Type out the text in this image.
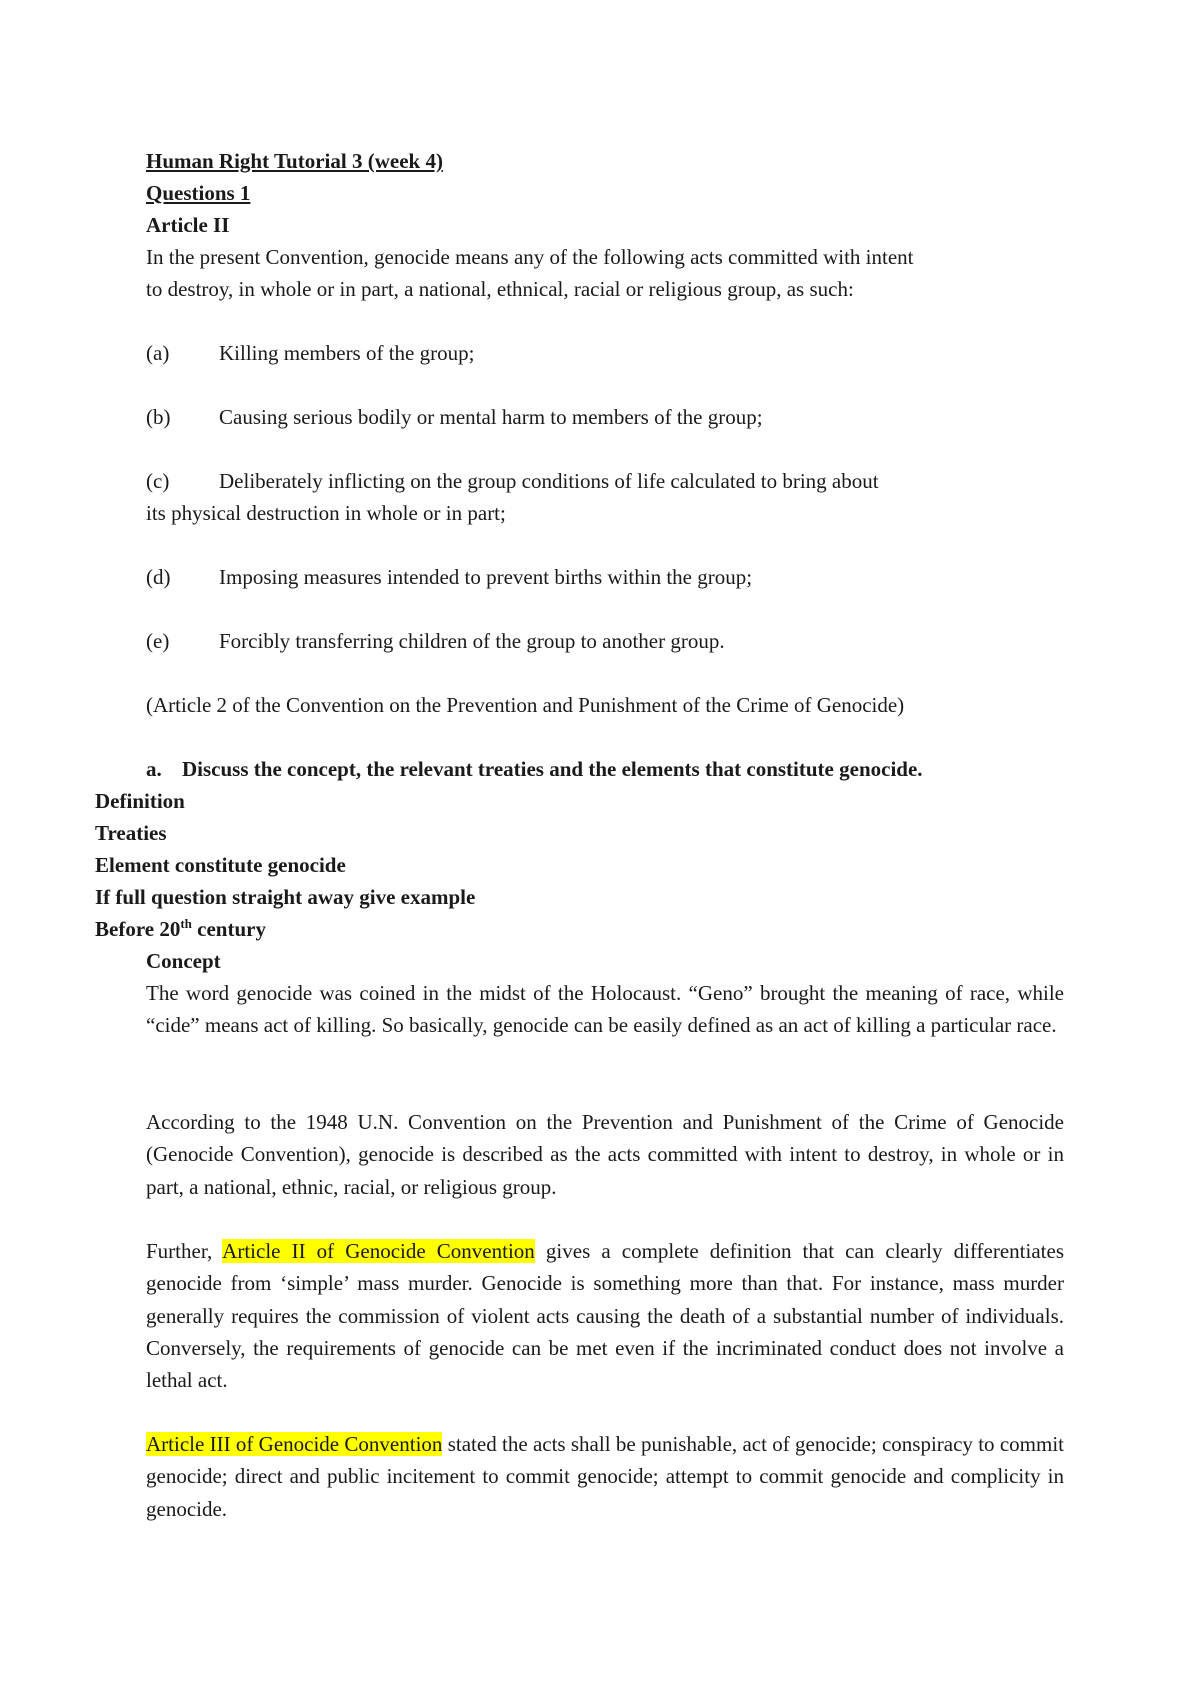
Human Right Tutorial 3 (week 4)
Questions 1
Article II
In the present Convention, genocide means any of the following acts committed with intent
to destroy, in whole or in part, a national, ethnical, racial or religious group, as such:
(a) Killing members of the group;
(b) Causing serious bodily or mental harm to members of the group;
(c) Deliberately inflicting on the group conditions of life calculated to bring about
its physical destruction in whole or in part;
(d) Imposing measures intended to prevent births within the group;
(e) Forcibly transferring children of the group to another group.
(Article 2 of the Convention on the Prevention and Punishment of the Crime of Genocide)
a. Discuss the concept, the relevant treaties and the elements that constitute genocide.
Definition
Treaties
Element constitute genocide
If full question straight away give example
Before 20th century
Concept
The word genocide was coined in the midst of the Holocaust. “Geno” brought the meaning of race, while “cide” means act of killing. So basically, genocide can be easily defined as an act of killing a particular race.
According to the 1948 U.N. Convention on the Prevention and Punishment of the Crime of Genocide (Genocide Convention), genocide is described as the acts committed with intent to destroy, in whole or in part, a national, ethnic, racial, or religious group.
Further, Article II of Genocide Convention gives a complete definition that can clearly differentiates genocide from ‘simple’ mass murder. Genocide is something more than that. For instance, mass murder generally requires the commission of violent acts causing the death of a substantial number of individuals. Conversely, the requirements of genocide can be met even if the incriminated conduct does not involve a lethal act.
Article III of Genocide Convention stated the acts shall be punishable, act of genocide; conspiracy to commit genocide; direct and public incitement to commit genocide; attempt to commit genocide and complicity in genocide.
